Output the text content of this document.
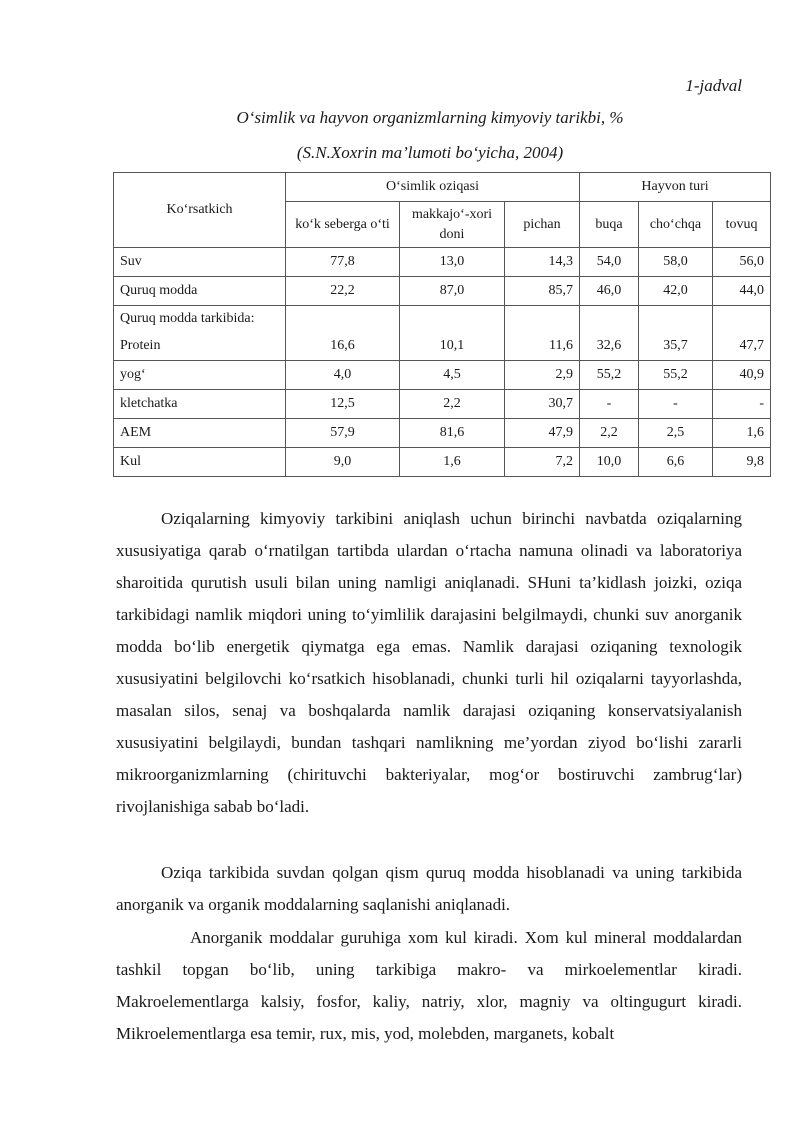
1-jadval
O‘simlik va hayvon organizmlarning kimyoviy tarikbi, %
(S.N.Xoxrin ma’lumoti bo‘yicha, 2004)
Ko‘rsatkich	O‘simlik oziqasi			Hayvon turi		
	ko‘k seberga o‘ti	makkajo‘-xori doni	pichan	buqa	cho‘chqa	tovuq
Suv	77,8	13,0	14,3	54,0	58,0	56,0
Quruq modda	22,2	87,0	85,7	46,0	42,0	44,0

Quruq modda tarkibida:
Protein	16,6	10,1	11,6	32,6	35,7	47,7
yog‘	4,0	4,5	2,9	55,2	55,2	40,9
kletchatka	12,5	2,2	30,7	-	-	-
AEM	57,9	81,6	47,9	2,2	2,5	1,6
Kul	9,0	1,6	7,2	10,0	6,6	9,8

Oziqalarning kimyoviy tarkibini aniqlash uchun birinchi navbatda oziqalarning xususiyatiga qarab o‘rnatilgan tartibda ulardan o‘rtacha namuna olinadi va laboratoriya sharoitida qurutish usuli bilan uning namligi aniqlanadi. SHuni ta’kidlash joizki, oziqa tarkibidagi namlik miqdori uning to‘yimlilik darajasini belgilmaydi, chunki suv anorganik modda bo‘lib energetik qiymatga ega emas. Namlik darajasi oziqaning texnologik xususiyatini belgilovchi ko‘rsatkich hisoblanadi, chunki turli hil oziqalarni tayyorlashda, masalan silos, senaj va boshqalarda namlik darajasi oziqaning konservatsiyalanish xususiyatini belgilaydi, bundan tashqari namlikning me’yordan ziyod bo‘lishi zararli mikroorganizmlarning (chirituvchi bakteriyalar, mog‘or bostiruvchi zambrug‘lar) rivojlanishiga sabab bo‘ladi.

Oziqa tarkibida suvdan qolgan qism quruq modda hisoblanadi va uning tarkibida anorganik va organik moddalarning saqlanishi aniqlanadi.

Anorganik moddalar guruhiga xom kul kiradi. Xom kul mineral moddalardan tashkil topgan bo‘lib, uning tarkibiga makro- va mirkoelementlar kiradi. Makroelementlarga kalsiy, fosfor, kaliy, natriy, xlor, magniy va oltingugurt kiradi. Mikroelementlarga esa temir, rux, mis, yod, molebden, marganets, kobalt
